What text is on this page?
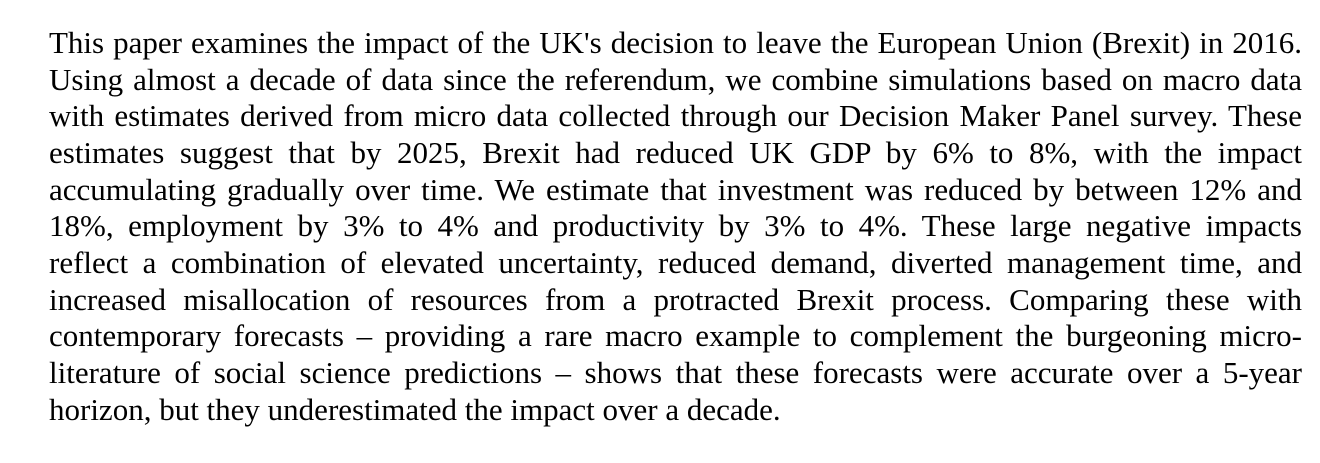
This paper examines the impact of the UK's decision to leave the European Union (Brexit) in 2016.
Using almost a decade of data since the referendum, we combine simulations based on macro data
with estimates derived from micro data collected through our Decision Maker Panel survey. These
estimates suggest that by 2025, Brexit had reduced UK GDP by 6% to 8%, with the impact
accumulating gradually over time. We estimate that investment was reduced by between 12% and
18%, employment by 3% to 4% and productivity by 3% to 4%. These large negative impacts
reflect a combination of elevated uncertainty, reduced demand, diverted management time, and
increased misallocation of resources from a protracted Brexit process. Comparing these with
contemporary forecasts – providing a rare macro example to complement the burgeoning micro-
literature of social science predictions – shows that these forecasts were accurate over a 5-year
horizon, but they underestimated the impact over a decade.
